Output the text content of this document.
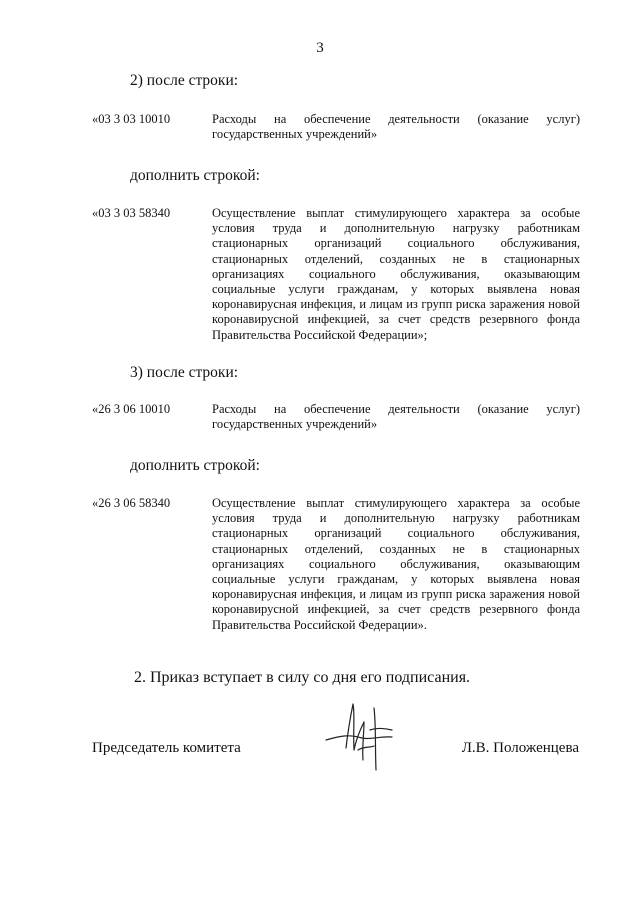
3
2) после строки:
«03 3 03 10010	Расходы на обеспечение деятельности (оказание услуг) государственных учреждений»
дополнить строкой:
«03 3 03 58340	Осуществление выплат стимулирующего характера за особые условия труда и дополнительную нагрузку работникам стационарных организаций социального обслуживания, стационарных отделений, созданных не в стационарных организациях социального обслуживания, оказывающим социальные услуги гражданам, у которых выявлена новая коронавирусная инфекция, и лицам из групп риска заражения новой коронавирусной инфекцией, за счет средств резервного фонда Правительства Российской Федерации»;
3) после строки:
«26 3 06 10010	Расходы на обеспечение деятельности (оказание услуг) государственных учреждений»
дополнить строкой:
«26 3 06 58340	Осуществление выплат стимулирующего характера за особые условия труда и дополнительную нагрузку работникам стационарных организаций социального обслуживания, стационарных отделений, созданных не в стационарных организациях социального обслуживания, оказывающим социальные услуги гражданам, у которых выявлена новая коронавирусная инфекция, и лицам из групп риска заражения новой коронавирусной инфекцией, за счет средств резервного фонда Правительства Российской Федерации».
2. Приказ вступает в силу со дня его подписания.
Председатель комитета	Л.В. Положенцева
